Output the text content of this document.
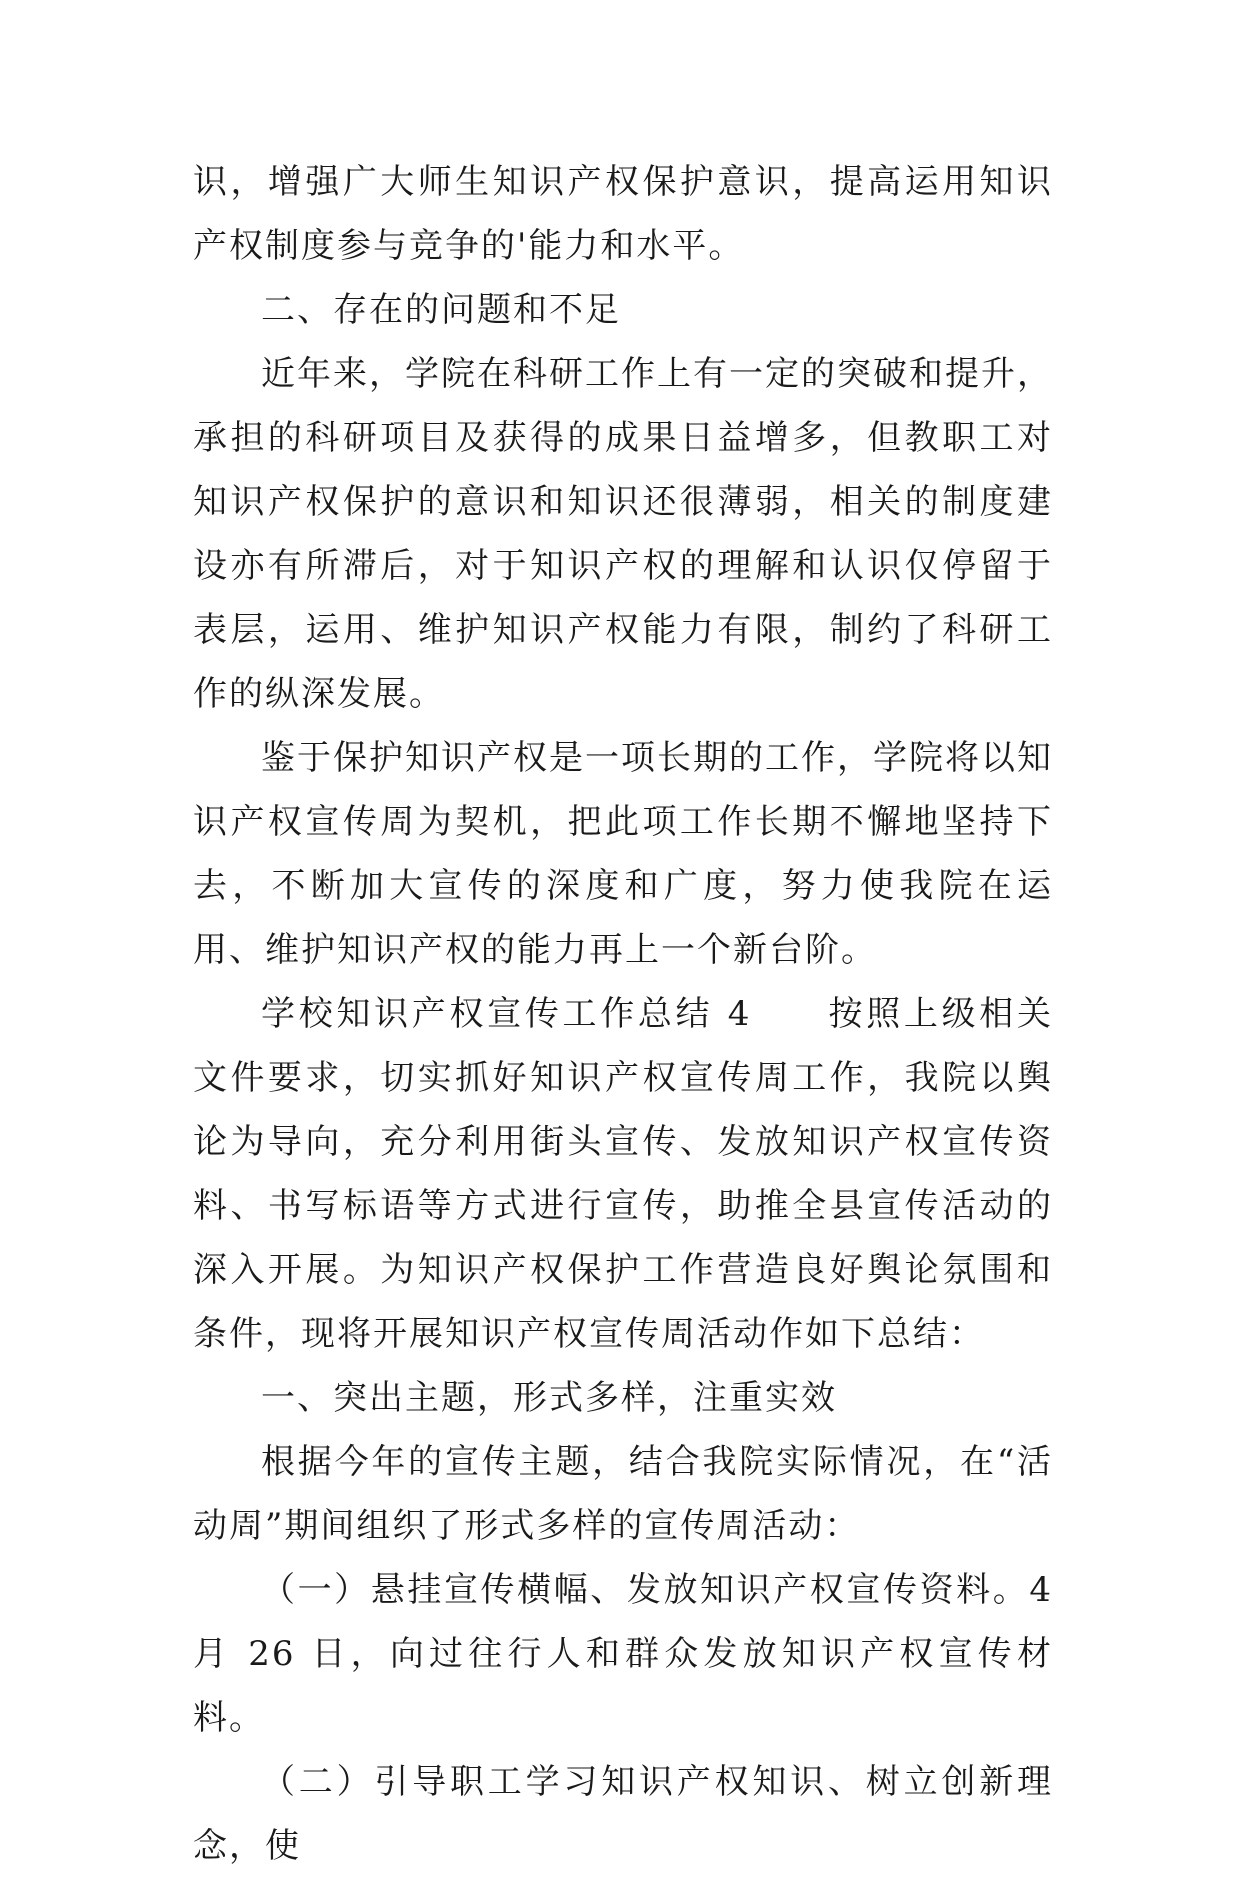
识，增强广大师生知识产权保护意识，提高运用知识产权制度参与竞争的'能力和水平。

二、存在的问题和不足

近年来，学院在科研工作上有一定的突破和提升，承担的科研项目及获得的成果日益增多，但教职工对知识产权保护的意识和知识还很薄弱，相关的制度建设亦有所滞后，对于知识产权的理解和认识仅停留于表层，运用、维护知识产权能力有限，制约了科研工作的纵深发展。

鉴于保护知识产权是一项长期的工作，学院将以知识产权宣传周为契机，把此项工作长期不懈地坚持下去，不断加大宣传的深度和广度，努力使我院在运用、维护知识产权的能力再上一个新台阶。

学校知识产权宣传工作总结 4　　按照上级相关文件要求，切实抓好知识产权宣传周工作，我院以舆论为导向，充分利用街头宣传、发放知识产权宣传资料、书写标语等方式进行宣传，助推全县宣传活动的深入开展。为知识产权保护工作营造良好舆论氛围和条件，现将开展知识产权宣传周活动作如下总结：

一、突出主题，形式多样，注重实效

根据今年的宣传主题，结合我院实际情况，在“活动周”期间组织了形式多样的宣传周活动：

（一）悬挂宣传横幅、发放知识产权宣传资料。4 月 26 日，向过往行人和群众发放知识产权宣传材料。

（二）引导职工学习知识产权知识、树立创新理念，使
